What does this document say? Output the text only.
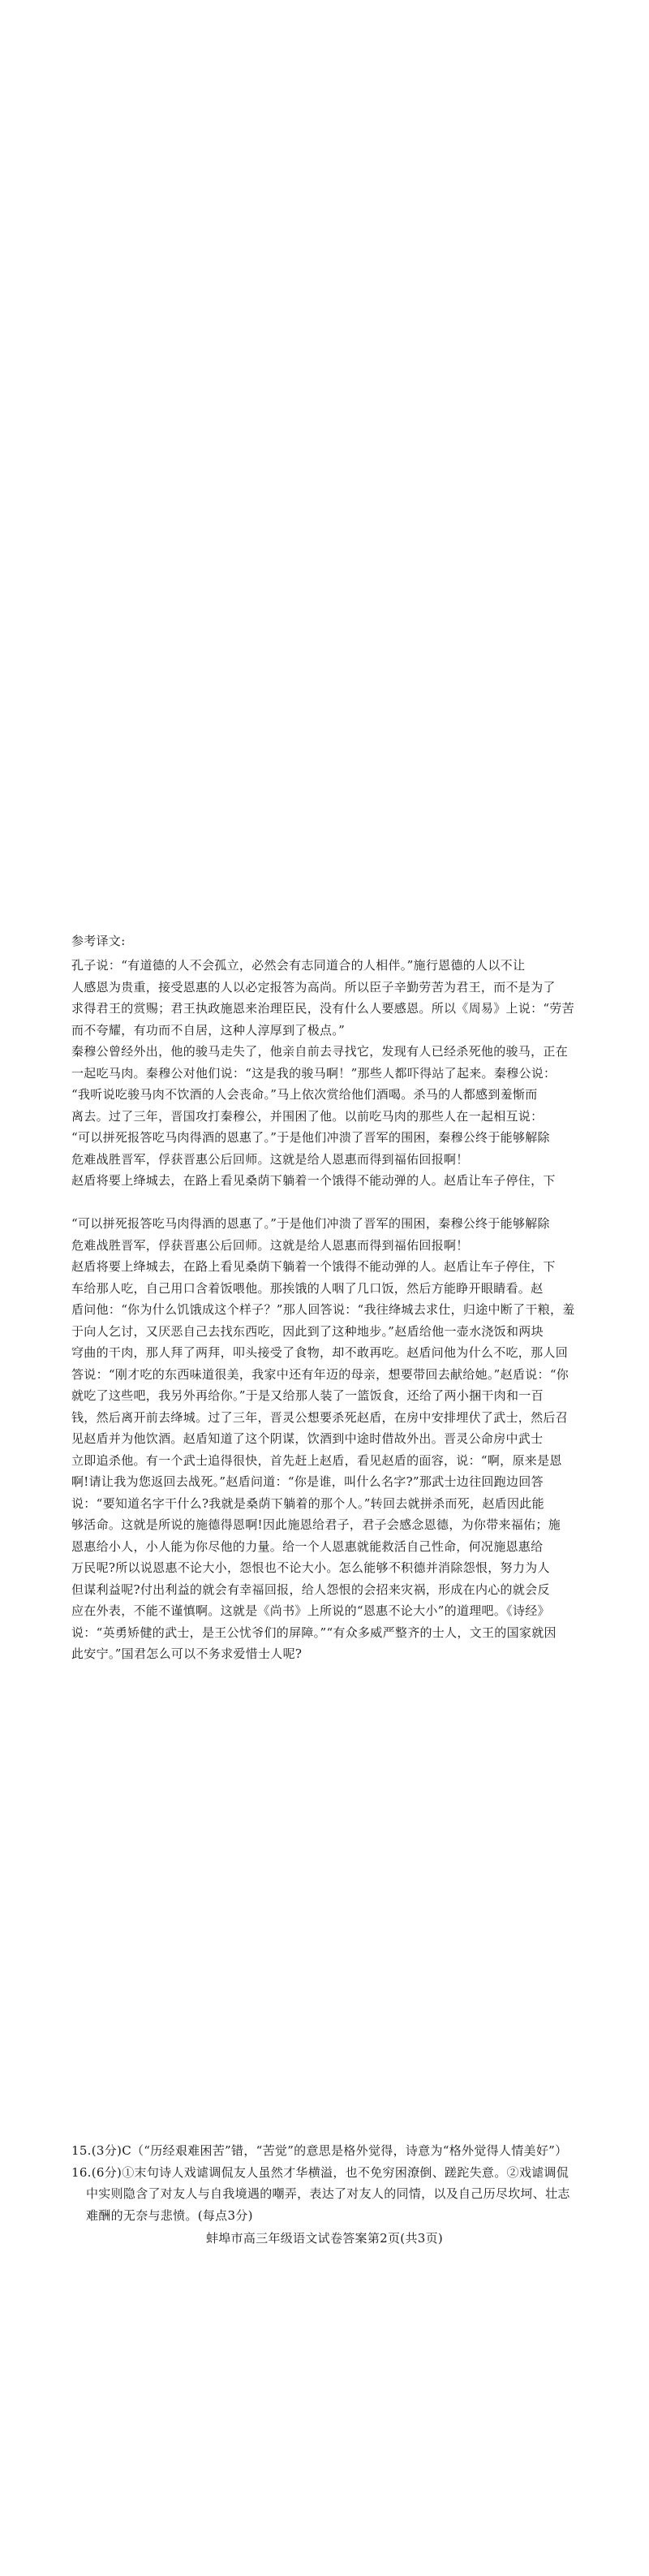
参考译文:
孔子说：“有道德的人不会孤立，必然会有志同道合的人相伴。”施行恩德的人以不让
人感恩为贵重，接受恩惠的人以必定报答为高尚。所以臣子辛勤劳苦为君王，而不是为了
求得君王的赏赐；君王执政施恩来治理臣民，没有什么人要感恩。所以《周易》上说：“劳苦
而不夸耀，有功而不自居，这种人淳厚到了极点。”
秦穆公曾经外出，他的骏马走失了，他亲自前去寻找它，发现有人已经杀死他的骏马，正在
一起吃马肉。秦穆公对他们说：“这是我的骏马啊！”那些人都吓得站了起来。秦穆公说：
“我听说吃骏马肉不饮酒的人会丧命。”马上依次赏给他们酒喝。杀马的人都感到羞惭而
离去。过了三年，晋国攻打秦穆公，并围困了他。以前吃马肉的那些人在一起相互说：
“可以拼死报答吃马肉得酒的恩惠了。”于是他们冲溃了晋军的围困，秦穆公终于能够解除
危难战胜晋军，俘获晋惠公后回师。这就是给人恩惠而得到福佑回报啊！
赵盾将要上绛城去，在路上看见桑荫下躺着一个饿得不能动弹的人。赵盾让车子停住，下
“可以拼死报答吃马肉得酒的恩惠了。”于是他们冲溃了晋军的围困，秦穆公终于能够解除
危难战胜晋军，俘获晋惠公后回师。这就是给人恩惠而得到福佑回报啊！
赵盾将要上绛城去，在路上看见桑荫下躺着一个饿得不能动弹的人。赵盾让车子停住，下
车给那人吃，自己用口含着饭喂他。那挨饿的人咽了几口饭，然后方能睁开眼睛看。赵
盾问他：“你为什么饥饿成这个样子？”那人回答说：“我往绛城去求仕，归途中断了干粮，羞
于向人乞讨，又厌恶自己去找东西吃，因此到了这种地步。”赵盾给他一壶水浇饭和两块
穹曲的干肉，那人拜了两拜，叩头接受了食物，却不敢再吃。赵盾问他为什么不吃，那人回
答说：“刚才吃的东西味道很美，我家中还有年迈的母亲，想要带回去献给她。”赵盾说：“你
就吃了这些吧，我另外再给你。”于是又给那人装了一篮饭食，还给了两小捆干肉和一百
钱，然后离开前去绛城。过了三年，晋灵公想要杀死赵盾，在房中安排埋伏了武士，然后召
见赵盾并为他饮酒。赵盾知道了这个阴谋，饮酒到中途时借故外出。晋灵公命房中武士
立即追杀他。有一个武士追得很快，首先赶上赵盾，看见赵盾的面容，说：“啊，原来是恩
啊!请让我为您返回去战死。”赵盾问道：“你是谁，叫什么名字?”那武士边往回跑边回答
说：“要知道名字干什么?我就是桑荫下躺着的那个人。”转回去就拼杀而死，赵盾因此能
够活命。这就是所说的施德得恩啊!因此施恩给君子，君子会感念恩德，为你带来福佑；施
恩惠给小人，小人能为你尽他的力量。给一个人恩惠就能救活自己性命，何况施恩惠给
万民呢?所以说恩惠不论大小，怨恨也不论大小。怎么能够不积德并消除怨恨，努力为人
但谋利益呢?付出利益的就会有幸福回报，给人怨恨的会招来灾祸，形成在内心的就会反
应在外表，不能不谨慎啊。这就是《尚书》上所说的“恩惠不论大小”的道理吧。《诗经》
说：“英勇矫健的武士，是王公忧爷们的屏障。”“有众多威严整齐的士人，文王的国家就因
此安宁。”国君怎么可以不务求爱惜士人呢?
15.(3分)C（“历经艰难困苦”错，“苦觉”的意思是格外觉得，诗意为“格外觉得人情美好”）
16.(6分)①末句诗人戏谑调侃友人虽然才华横溢，也不免穷困潦倒、蹉跎失意。②戏谑调侃
中实则隐含了对友人与自我境遇的嘲弄，表达了对友人的同情，以及自己历尽坎坷、壮志
难酬的无奈与悲愤。(每点3分)
蚌埠市高三年级语文试卷答案第2页(共3页)
